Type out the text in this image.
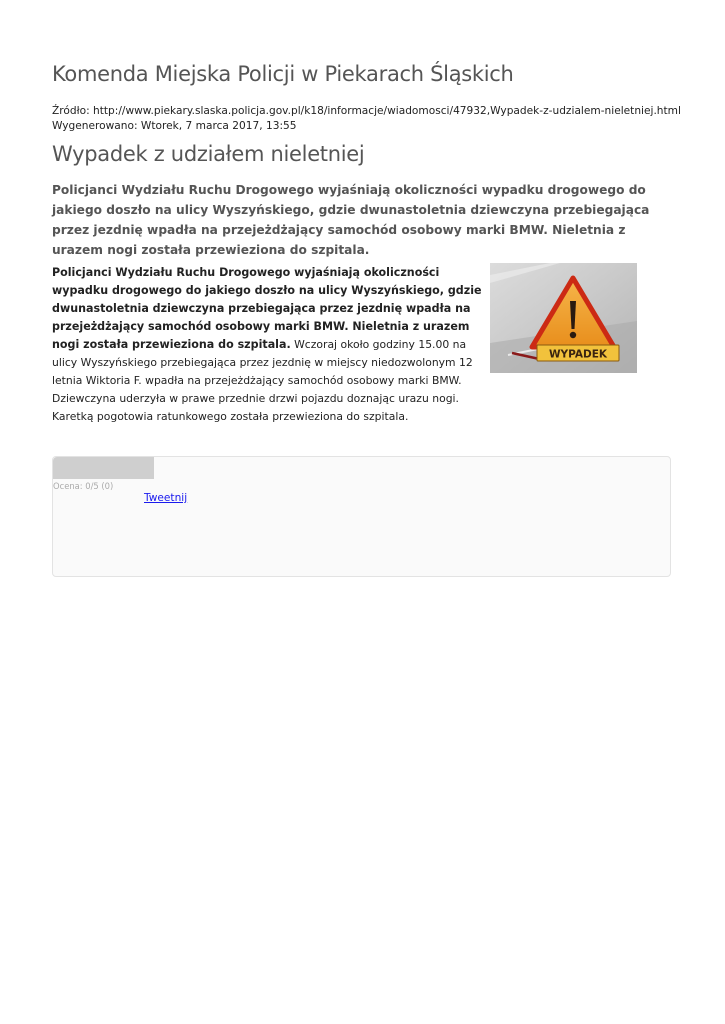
Komenda Miejska Policji w Piekarach Śląskich
Źródło: http://www.piekary.slaska.policja.gov.pl/k18/informacje/wiadomosci/47932,Wypadek-z-udzialem-nieletniej.html
Wygenerowano: Wtorek, 7 marca 2017, 13:55
Wypadek z udziałem nieletniej

Policjanci Wydziału Ruchu Drogowego wyjaśniają okoliczności wypadku drogowego do jakiego doszło na ulicy Wyszyńskiego, gdzie dwunastoletnia dziewczyna przebiegająca przez jezdnię wpadła na przejeżdżający samochód osobowy marki BMW. Nieletnia z urazem nogi została przewieziona do szpitala.

WYPADEK

Policjanci Wydziału Ruchu Drogowego wyjaśniają okoliczności wypadku drogowego do jakiego doszło na ulicy Wyszyńskiego, gdzie dwunastoletnia dziewczyna przebiegająca przez jezdnię wpadła na przejeżdżający samochód osobowy marki BMW. Nieletnia z urazem nogi została przewieziona do szpitala. Wczoraj około godziny 15.00 na ulicy Wyszyńskiego przebiegająca przez jezdnię w miejscy niedozwolonym 12 letnia Wiktoria F. wpadła na przejeżdżający samochód osobowy marki BMW. Dziewczyna uderzyła w prawe przednie drzwi pojazdu doznając urazu nogi. Karetką pogotowia ratunkowego została przewieziona do szpitala.

Ocena: 0/5 (0)
Tweetnij
